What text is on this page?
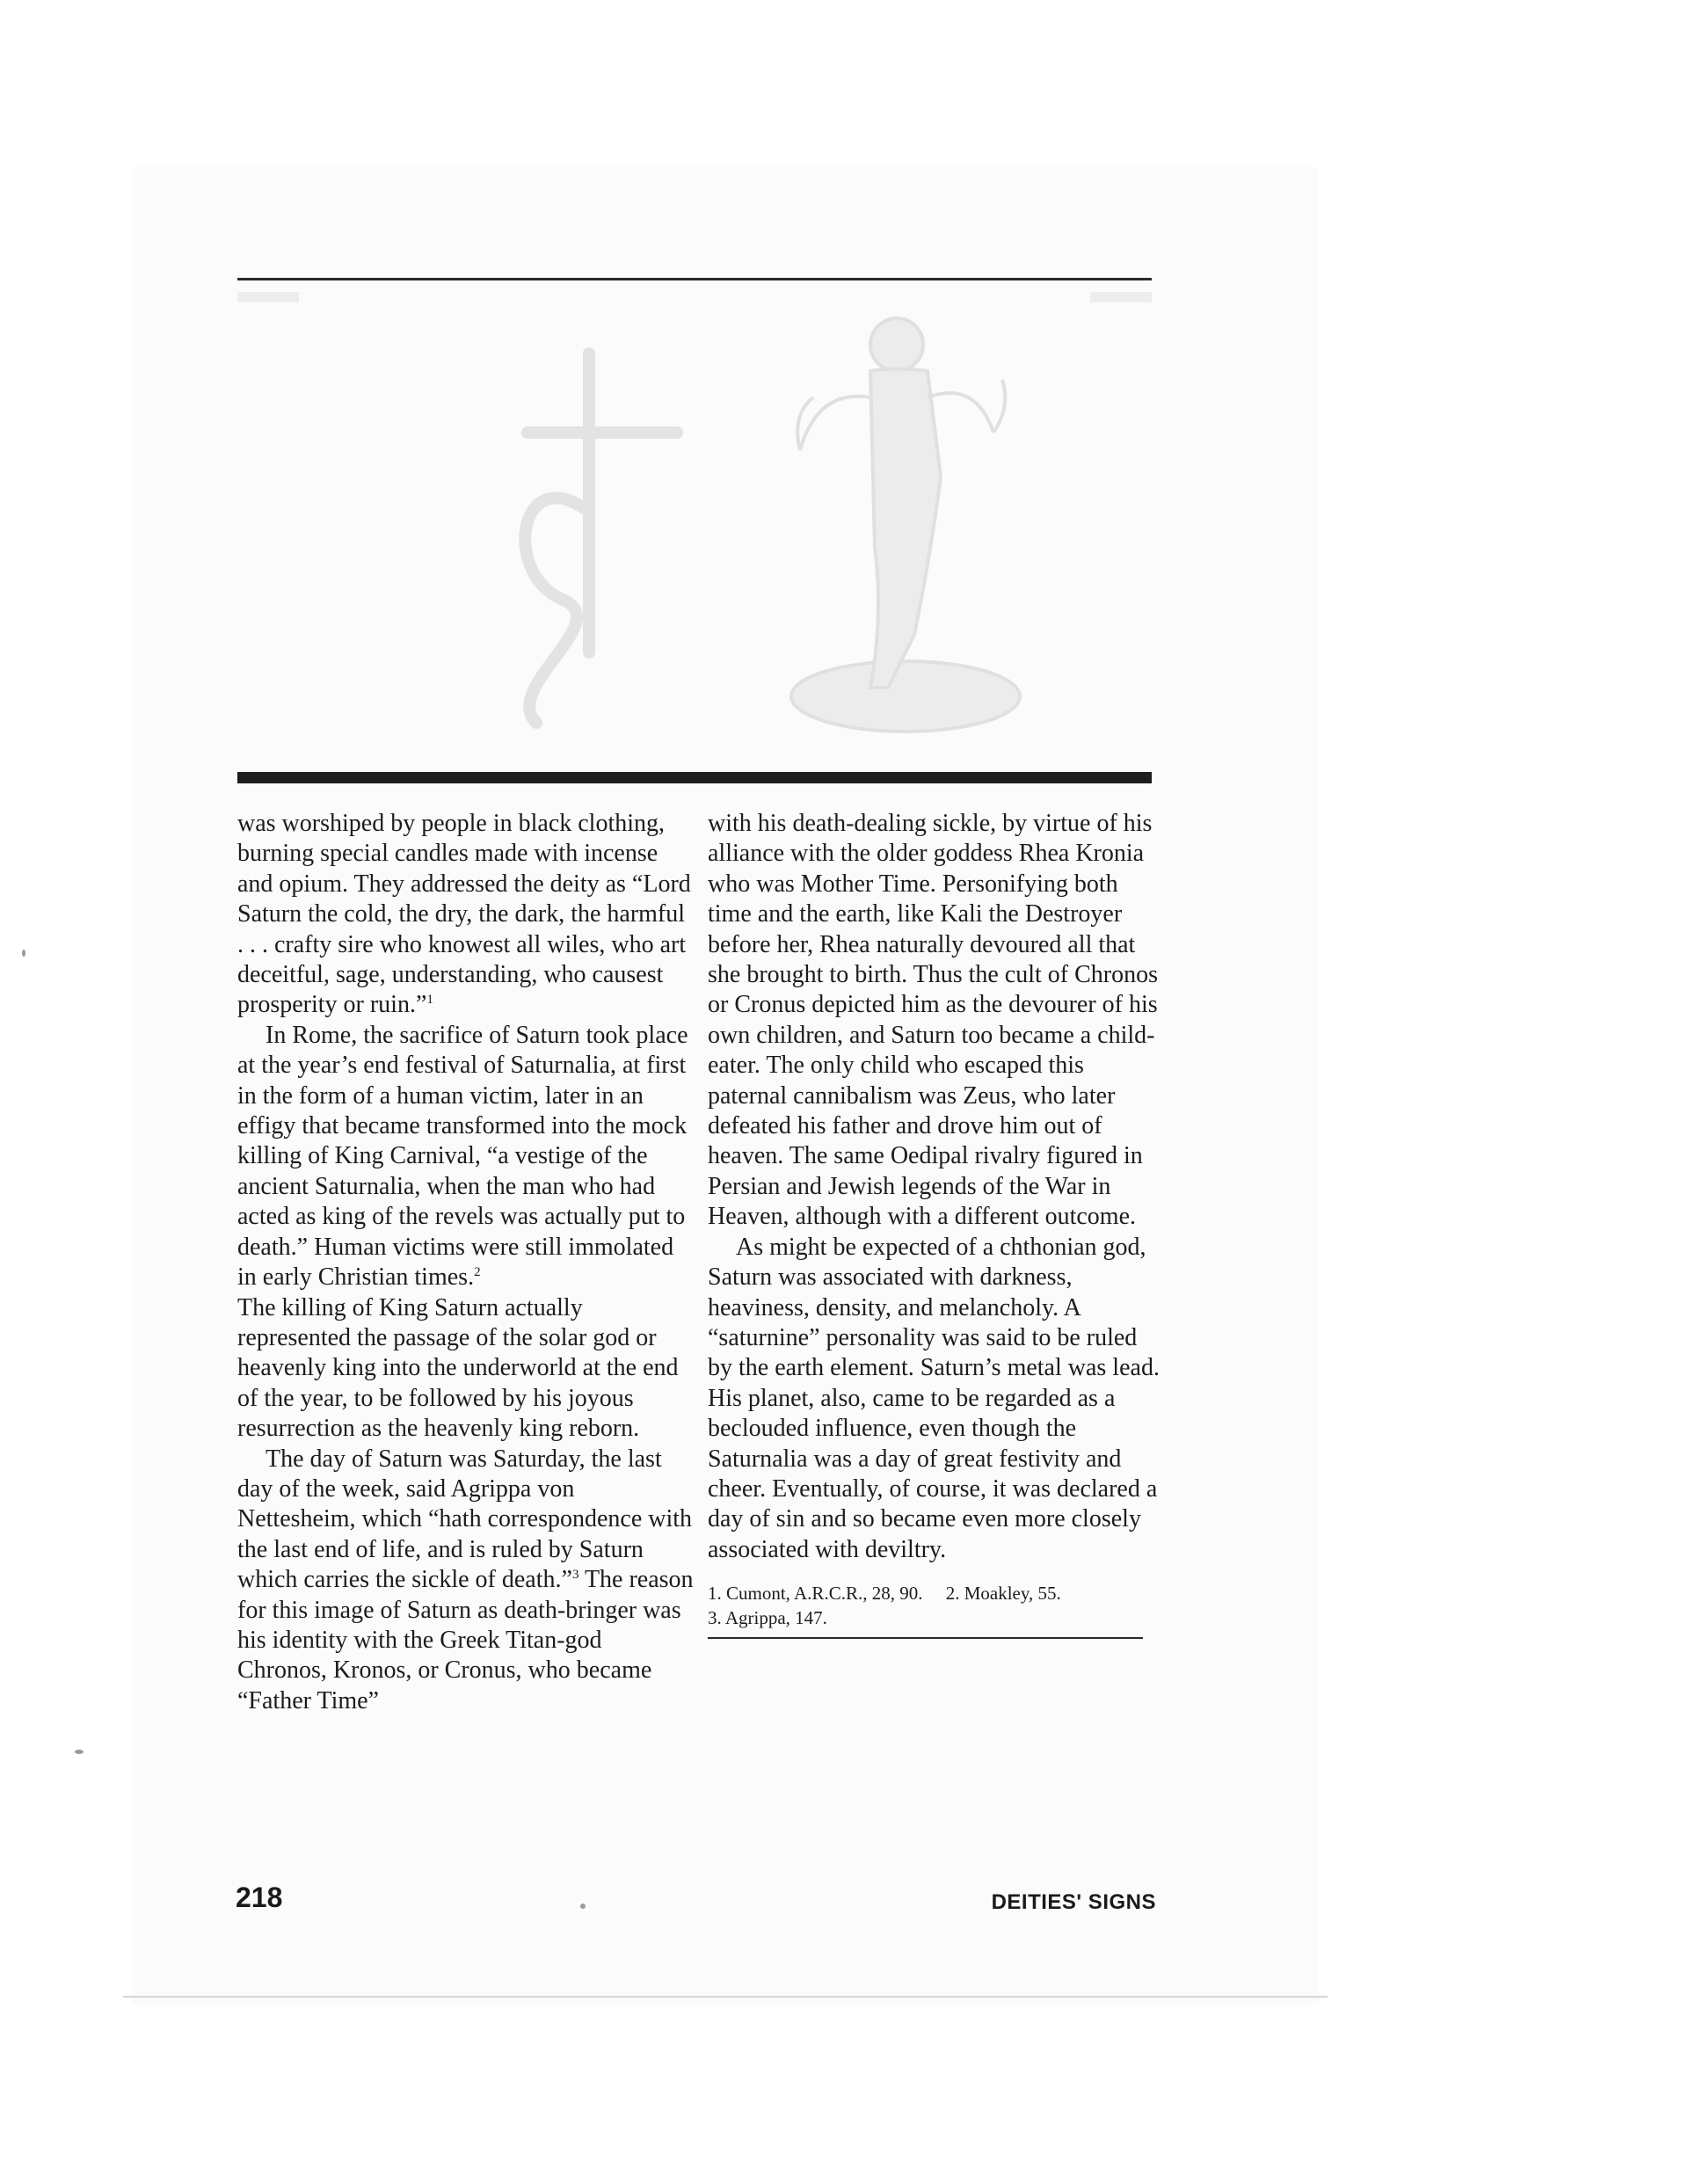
was worshiped by people in black clothing, burning special candles made with incense and opium. They addressed the deity as “Lord Saturn the cold, the dry, the dark, the harmful . . . crafty sire who knowest all wiles, who art deceitful, sage, understanding, who causest prosperity or ruin.”$^1$

In Rome, the sacrifice of Saturn took place at the year’s end festival of Saturnalia, at first in the form of a human victim, later in an effigy that became transformed into the mock killing of King Carnival, “a vestige of the ancient Saturnalia, when the man who had acted as king of the revels was actually put to death.” Human victims were still immolated in early Christian times.$^2$

The killing of King Saturn actually represented the passage of the solar god or heavenly king into the underworld at the end of the year, to be followed by his joyous resurrection as the heavenly king reborn.

The day of Saturn was Saturday, the last day of the week, said Agrippa von Nettesheim, which “hath correspondence with the last end of life, and is ruled by Saturn which carries the sickle of death.”$^3$ The reason for this image of Saturn as death-bringer was his identity with the Greek Titan-god Chronos, Kronos, or Cronus, who became “Father Time”

with his death-dealing sickle, by virtue of his alliance with the older goddess Rhea Kronia who was Mother Time. Personifying both time and the earth, like Kali the Destroyer before her, Rhea naturally devoured all that she brought to birth. Thus the cult of Chronos or Cronus depicted him as the devourer of his own children, and Saturn too became a child-eater. The only child who escaped this paternal cannibalism was Zeus, who later defeated his father and drove him out of heaven. The same Oedipal rivalry figured in Persian and Jewish legends of the War in Heaven, although with a different outcome.

As might be expected of a chthonian god, Saturn was associated with darkness, heaviness, density, and melancholy. A “saturnine” personality was said to be ruled by the earth element. Saturn’s metal was lead. His planet, also, came to be regarded as a beclouded influence, even though the Saturnalia was a day of great festivity and cheer. Eventually, of course, it was declared a day of sin and so became even more closely associated with deviltry.

1. Cumont, A.R.C.R., 28, 90.  2. Moakley, 55.
3. Agrippa, 147.
218	DEITIES' SIGNS
